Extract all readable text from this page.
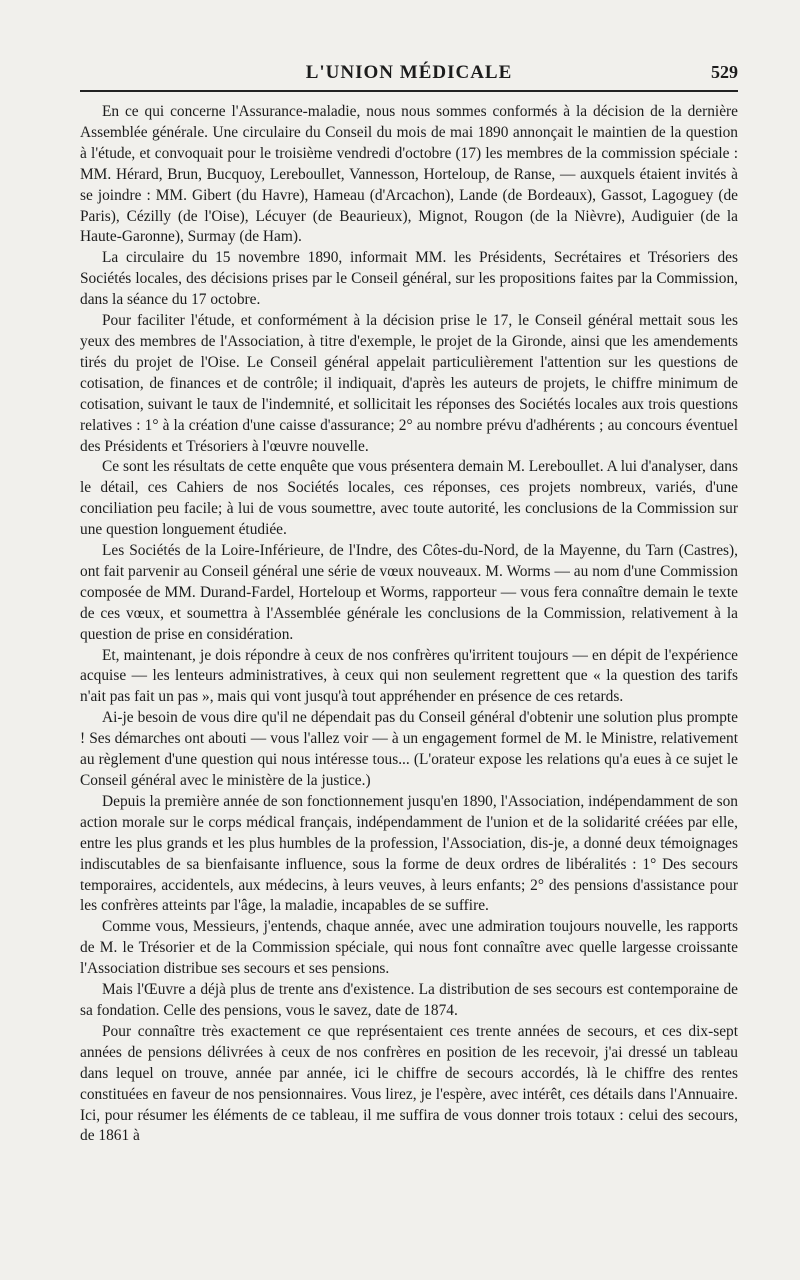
L'UNION MÉDICALE	529

En ce qui concerne l'Assurance-maladie, nous nous sommes conformés à la décision de la dernière Assemblée générale. Une circulaire du Conseil du mois de mai 1890 annonçait le maintien de la question à l'étude, et convoquait pour le troisième vendredi d'octobre (17) les membres de la commission spéciale : MM. Hérard, Brun, Bucquoy, Lereboullet, Vannesson, Horteloup, de Ranse, — auxquels étaient invités à se joindre : MM. Gibert (du Havre), Hameau (d'Arcachon), Lande (de Bordeaux), Gassot, Lagoguey (de Paris), Cézilly (de l'Oise), Lécuyer (de Beaurieux), Mignot, Rougon (de la Nièvre), Audiguier (de la Haute-Garonne), Surmay (de Ham).

La circulaire du 15 novembre 1890, informait MM. les Présidents, Secrétaires et Trésoriers des Sociétés locales, des décisions prises par le Conseil général, sur les propositions faites par la Commission, dans la séance du 17 octobre.

Pour faciliter l'étude, et conformément à la décision prise le 17, le Conseil général mettait sous les yeux des membres de l'Association, à titre d'exemple, le projet de la Gironde, ainsi que les amendements tirés du projet de l'Oise. Le Conseil général appelait particulièrement l'attention sur les questions de cotisation, de finances et de contrôle; il indiquait, d'après les auteurs de projets, le chiffre minimum de cotisation, suivant le taux de l'indemnité, et sollicitait les réponses des Sociétés locales aux trois questions relatives : 1° à la création d'une caisse d'assurance; 2° au nombre prévu d'adhérents ; au concours éventuel des Présidents et Trésoriers à l'œuvre nouvelle.

Ce sont les résultats de cette enquête que vous présentera demain M. Lereboullet. A lui d'analyser, dans le détail, ces Cahiers de nos Sociétés locales, ces réponses, ces projets nombreux, variés, d'une conciliation peu facile; à lui de vous soumettre, avec toute autorité, les conclusions de la Commission sur une question longuement étudiée.

Les Sociétés de la Loire-Inférieure, de l'Indre, des Côtes-du-Nord, de la Mayenne, du Tarn (Castres), ont fait parvenir au Conseil général une série de vœux nouveaux. M. Worms — au nom d'une Commission composée de MM. Durand-Fardel, Horteloup et Worms, rapporteur — vous fera connaître demain le texte de ces vœux, et soumettra à l'Assemblée générale les conclusions de la Commission, relativement à la question de prise en considération.

Et, maintenant, je dois répondre à ceux de nos confrères qu'irritent toujours — en dépit de l'expérience acquise — les lenteurs administratives, à ceux qui non seulement regrettent que « la question des tarifs n'ait pas fait un pas », mais qui vont jusqu'à tout appréhender en présence de ces retards.

Ai-je besoin de vous dire qu'il ne dépendait pas du Conseil général d'obtenir une solution plus prompte ! Ses démarches ont abouti — vous l'allez voir — à un engagement formel de M. le Ministre, relativement au règlement d'une question qui nous intéresse tous... (L'orateur expose les relations qu'a eues à ce sujet le Conseil général avec le ministère de la justice.)

Depuis la première année de son fonctionnement jusqu'en 1890, l'Association, indépendamment de son action morale sur le corps médical français, indépendamment de l'union et de la solidarité créées par elle, entre les plus grands et les plus humbles de la profession, l'Association, dis-je, a donné deux témoignages indiscutables de sa bienfaisante influence, sous la forme de deux ordres de libéralités : 1° Des secours temporaires, accidentels, aux médecins, à leurs veuves, à leurs enfants; 2° des pensions d'assistance pour les confrères atteints par l'âge, la maladie, incapables de se suffire.

Comme vous, Messieurs, j'entends, chaque année, avec une admiration toujours nouvelle, les rapports de M. le Trésorier et de la Commission spéciale, qui nous font connaître avec quelle largesse croissante l'Association distribue ses secours et ses pensions.

Mais l'Œuvre a déjà plus de trente ans d'existence. La distribution de ses secours est contemporaine de sa fondation. Celle des pensions, vous le savez, date de 1874.

Pour connaître très exactement ce que représentaient ces trente années de secours, et ces dix-sept années de pensions délivrées à ceux de nos confrères en position de les recevoir, j'ai dressé un tableau dans lequel on trouve, année par année, ici le chiffre de secours accordés, là le chiffre des rentes constituées en faveur de nos pensionnaires. Vous lirez, je l'espère, avec intérêt, ces détails dans l'Annuaire. Ici, pour résumer les éléments de ce tableau, il me suffira de vous donner trois totaux : celui des secours, de 1861 à
